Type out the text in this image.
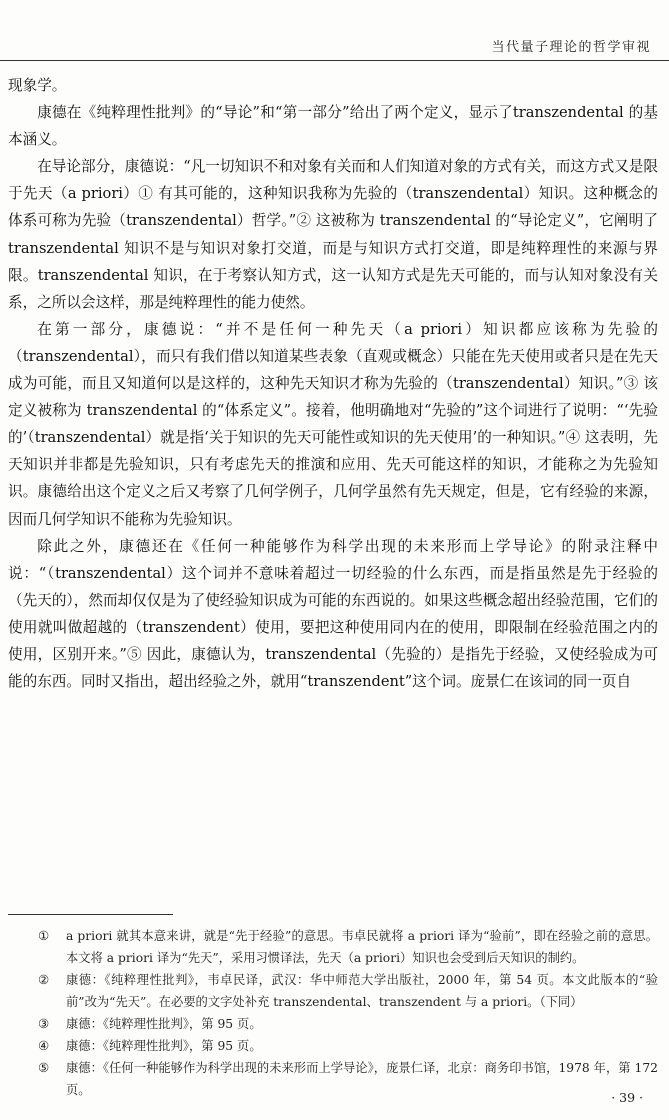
当代量子理论的哲学审视

现象学。

康德在《纯粹理性批判》的“导论”和“第一部分”给出了两个定义，显示了transzendental 的基本涵义。

在导论部分，康德说：“凡一切知识不和对象有关而和人们知道对象的方式有关，而这方式又是限于先天（a priori）① 有其可能的，这种知识我称为先验的（transzendental）知识。这种概念的体系可称为先验（transzendental）哲学。”② 这被称为 transzendental 的“导论定义”，它阐明了 transzendental 知识不是与知识对象打交道，而是与知识方式打交道，即是纯粹理性的来源与界限。transzendental 知识，在于考察认知方式，这一认知方式是先天可能的，而与认知对象没有关系，之所以会这样，那是纯粹理性的能力使然。

在第一部分，康德说：“并不是任何一种先天（a priori）知识都应该称为先验的（transzendental），而只有我们借以知道某些表象（直观或概念）只能在先天使用或者只是在先天成为可能，而且又知道何以是这样的，这种先天知识才称为先验的（transzendental）知识。”③ 该定义被称为 transzendental 的“体系定义”。接着，他明确地对“先验的”这个词进行了说明：“‘先验的’（transzendental）就是指‘关于知识的先天可能性或知识的先天使用’的一种知识。”④ 这表明，先天知识并非都是先验知识，只有考虑先天的推演和应用、先天可能这样的知识，才能称之为先验知识。康德给出这个定义之后又考察了几何学例子，几何学虽然有先天规定，但是，它有经验的来源，因而几何学知识不能称为先验知识。

除此之外，康德还在《任何一种能够作为科学出现的未来形而上学导论》的附录注释中说：“（transzendental）这个词并不意味着超过一切经验的什么东西，而是指虽然是先于经验的（先天的），然而却仅仅是为了使经验知识成为可能的东西说的。如果这些概念超出经验范围，它们的使用就叫做超越的（transzendent）使用，要把这种使用同内在的使用，即限制在经验范围之内的使用，区别开来。”⑤ 因此，康德认为，transzendental（先验的）是指先于经验，又使经验成为可能的东西。同时又指出，超出经验之外，就用“transzendent”这个词。庞景仁在该词的同一页自

① a priori 就其本意来讲，就是“先于经验”的意思。韦卓民就将 a priori 译为“验前”，即在经验之前的意思。本文将 a priori 译为“先天”，采用习惯译法，先天（a priori）知识也会受到后天知识的制约。
② 康德：《纯粹理性批判》，韦卓民译，武汉：华中师范大学出版社，2000 年，第 54 页。本文此版本的“验前”改为“先天”。在必要的文字处补充 transzendental、transzendent 与 a priori。（下同）
③ 康德：《纯粹理性批判》，第 95 页。
④ 康德：《纯粹理性批判》，第 95 页。
⑤ 康德：《任何一种能够作为科学出现的未来形而上学导论》，庞景仁译，北京：商务印书馆，1978 年，第 172 页。	· 39 ·
